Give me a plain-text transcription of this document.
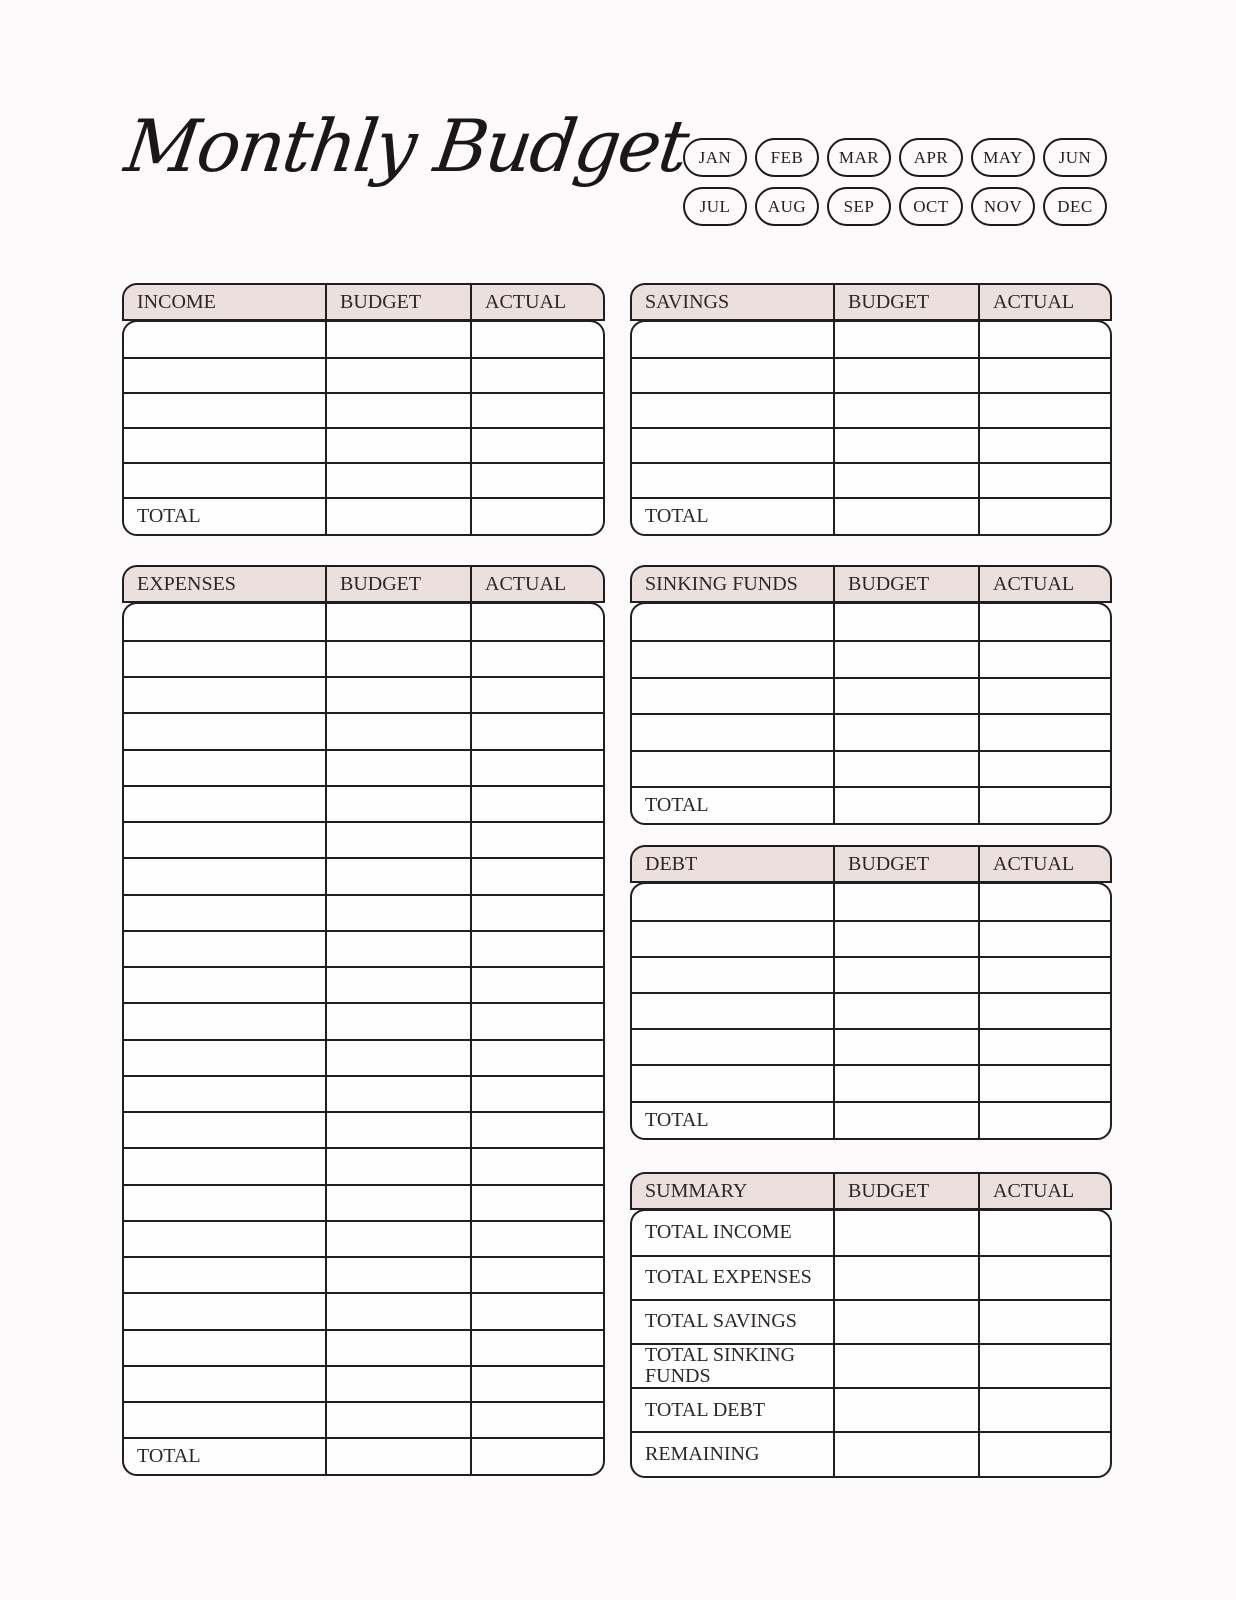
Monthly Budget JAN FEB MAR APR MAY JUN
JUL AUG SEP OCT NOV DEC
INCOME	BUDGET	ACTUAL
TOTAL
EXPENSES	BUDGET	ACTUAL
TOTAL
SAVINGS	BUDGET	ACTUAL
TOTAL
SINKING FUNDS	BUDGET	ACTUAL
TOTAL
DEBT	BUDGET	ACTUAL
TOTAL
SUMMARY	BUDGET	ACTUAL
TOTAL INCOME
TOTAL EXPENSES
TOTAL SAVINGS
TOTAL SINKING FUNDS
TOTAL DEBT
REMAINING
